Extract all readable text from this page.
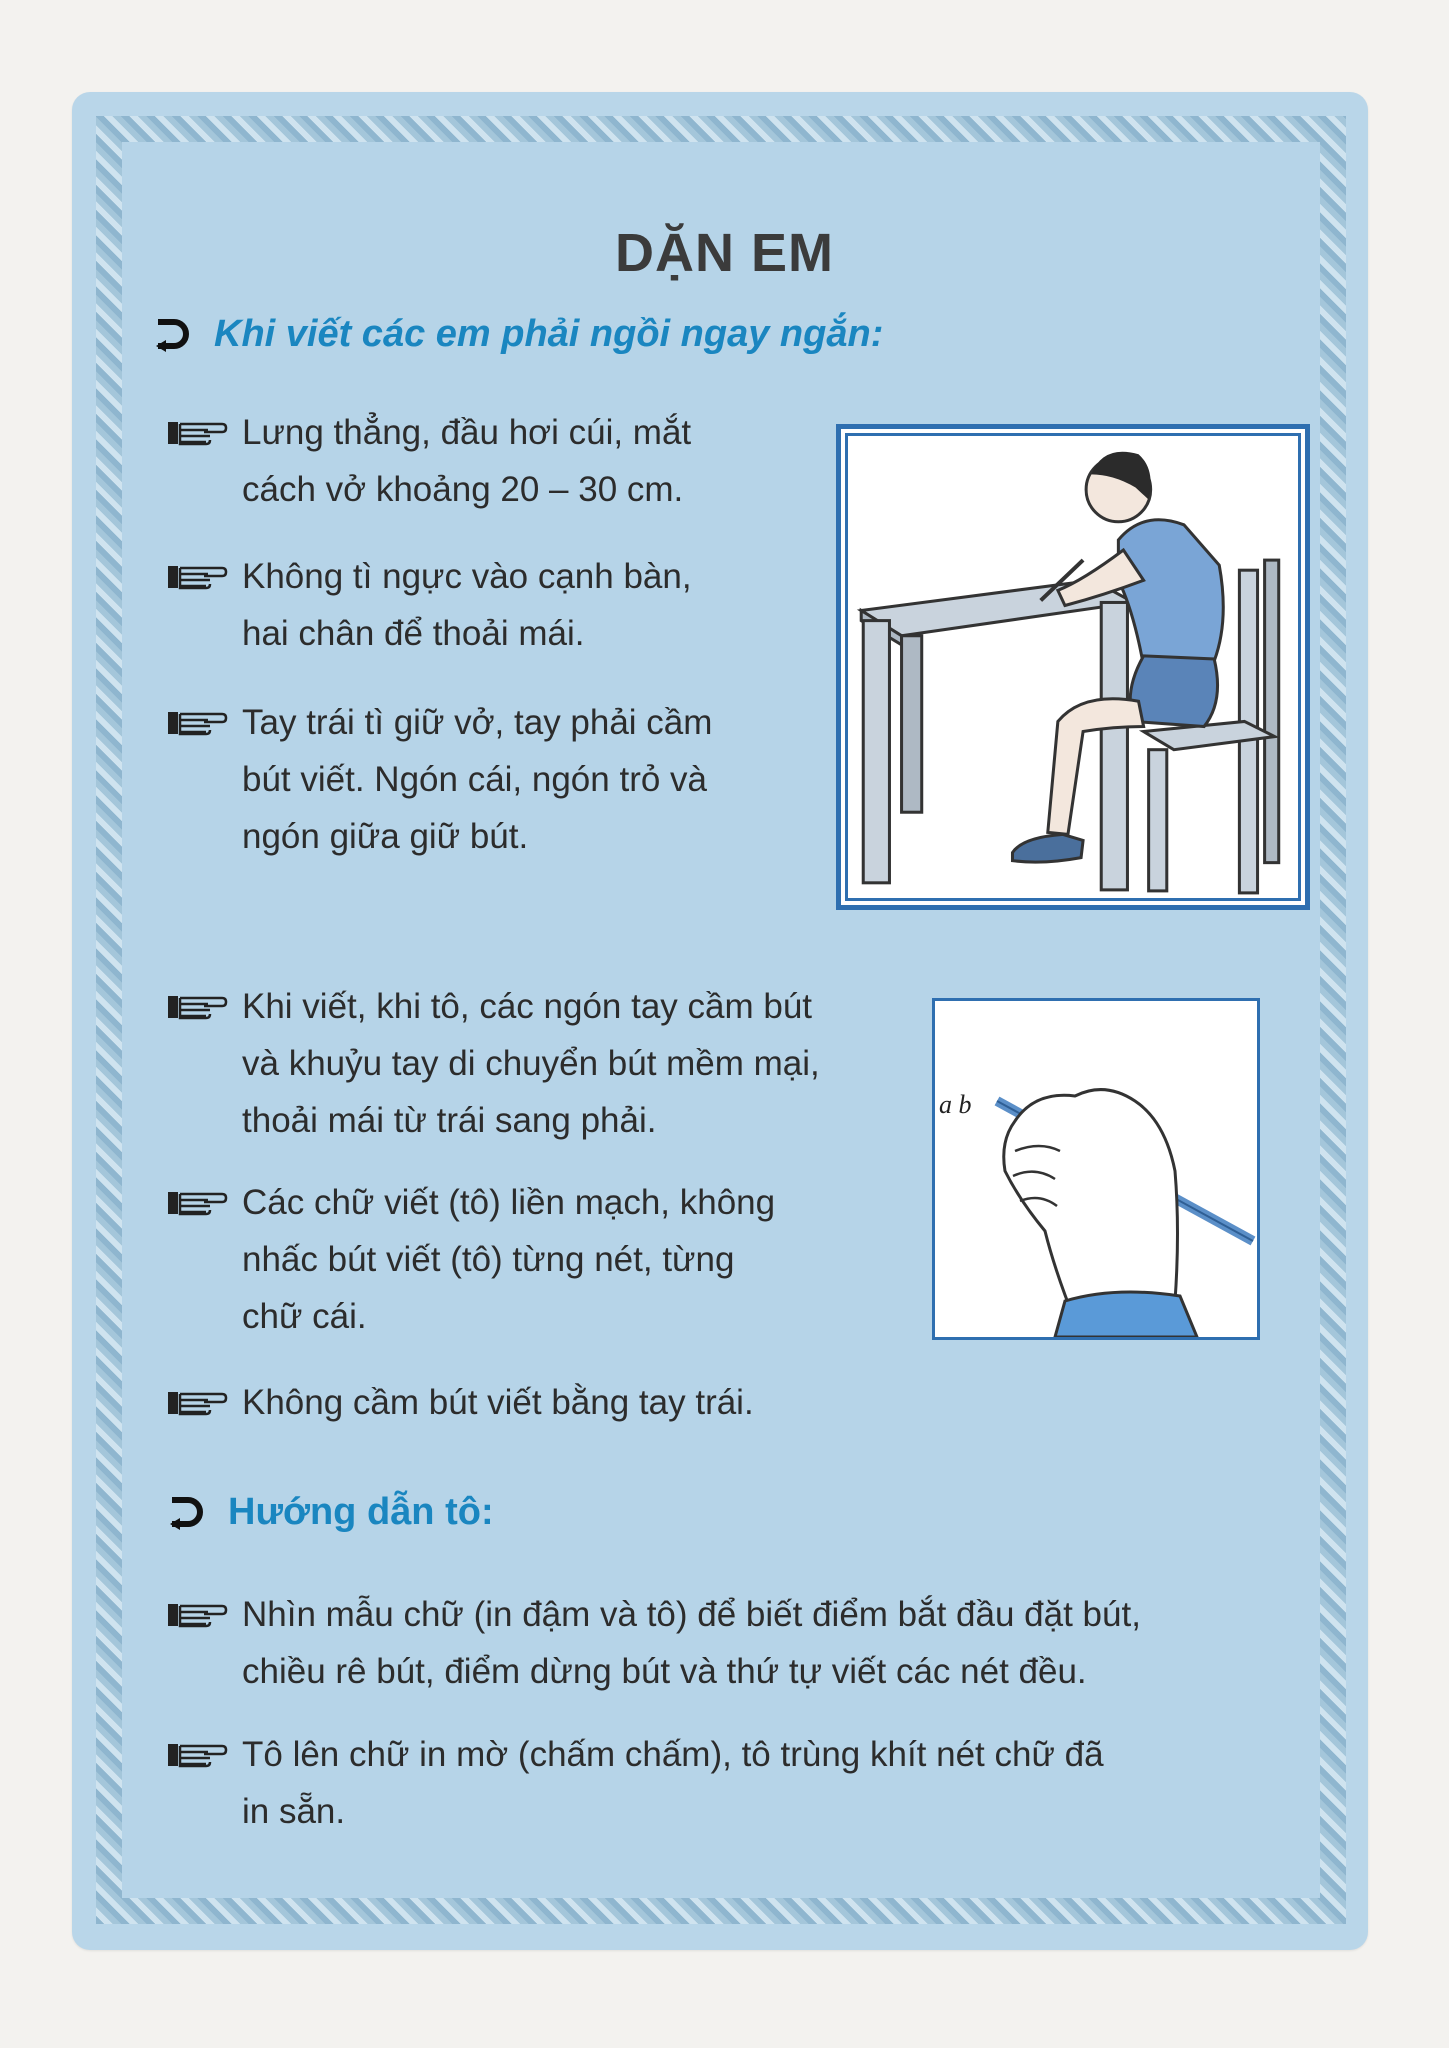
DẶN EM
Khi viết các em phải ngồi ngay ngắn:
Lưng thẳng, đầu hơi cúi, mắt
cách vở khoảng 20 – 30 cm.
Không tì ngực vào cạnh bàn,
hai chân để thoải mái.
Tay trái tì giữ vở, tay phải cầm
bút viết. Ngón cái, ngón trỏ và
ngón giữa giữ bút.
Khi viết, khi tô, các ngón tay cầm bút
và khuỷu tay di chuyển bút mềm mại,
thoải mái từ trái sang phải.
Các chữ viết (tô) liền mạch, không
nhấc bút viết (tô) từng nét, từng
chữ cái.
Không cầm bút viết bằng tay trái.
Hướng dẫn tô:
Nhìn mẫu chữ (in đậm và tô) để biết điểm bắt đầu đặt bút,
chiều rê bút, điểm dừng bút và thứ tự viết các nét đều.
Tô lên chữ in mờ (chấm chấm), tô trùng khít nét chữ đã
in sẵn.
a b
